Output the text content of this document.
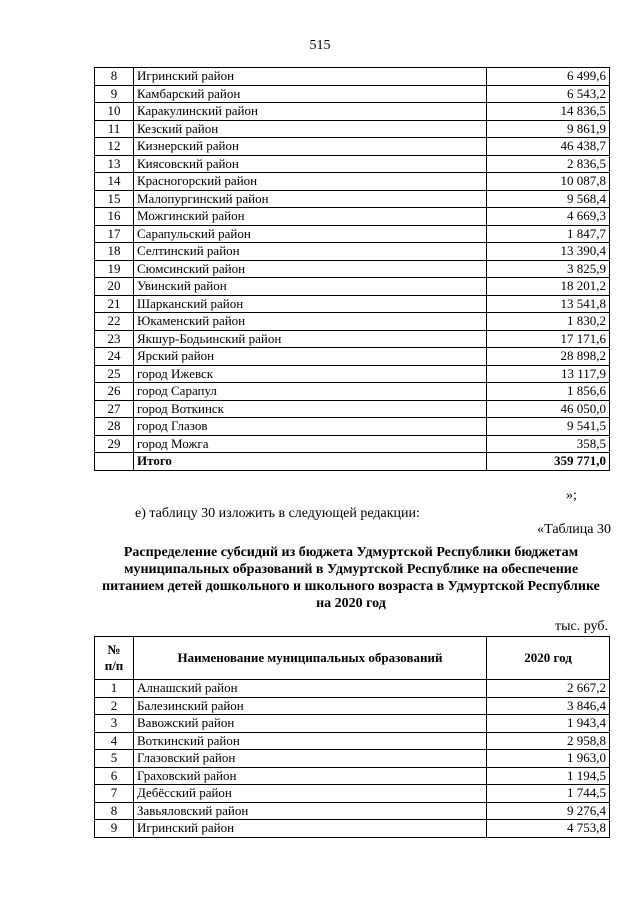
515
8	Игринский район	6 499,6
9	Камбарский район	6 543,2
10	Каракулинский район	14 836,5
11	Кезский район	9 861,9
12	Кизнерский район	46 438,7
13	Киясовский район	2 836,5
14	Красногорский район	10 087,8
15	Малопургинский район	9 568,4
16	Можгинский район	4 669,3
17	Сарапульский район	1 847,7
18	Селтинский район	13 390,4
19	Сюмсинский район	3 825,9
20	Увинский район	18 201,2
21	Шарканский район	13 541,8
22	Юкаменский район	1 830,2
23	Якшур-Бодьинский район	17 171,6
24	Ярский район	28 898,2
25	город Ижевск	13 117,9
26	город Сарапул	1 856,6
27	город Воткинск	46 050,0
28	город Глазов	9 541,5
29	город Можга	358,5
	Итого	359 771,0
»;
е) таблицу 30 изложить в следующей редакции:
«Таблица 30
Распределение субсидий из бюджета Удмуртской Республики бюджетам муниципальных образований в Удмуртской Республике на обеспечение питанием детей дошкольного и школьного возраста в Удмуртской Республике на 2020 год
тыс. руб.
№
п/п	Наименование муниципальных образований	2020 год
1	Алнашский район	2 667,2
2	Балезинский район	3 846,4
3	Вавожский район	1 943,4
4	Воткинский район	2 958,8
5	Глазовский район	1 963,0
6	Граховский район	1 194,5
7	Дебёсский район	1 744,5
8	Завьяловский район	9 276,4
9	Игринский район	4 753,8
